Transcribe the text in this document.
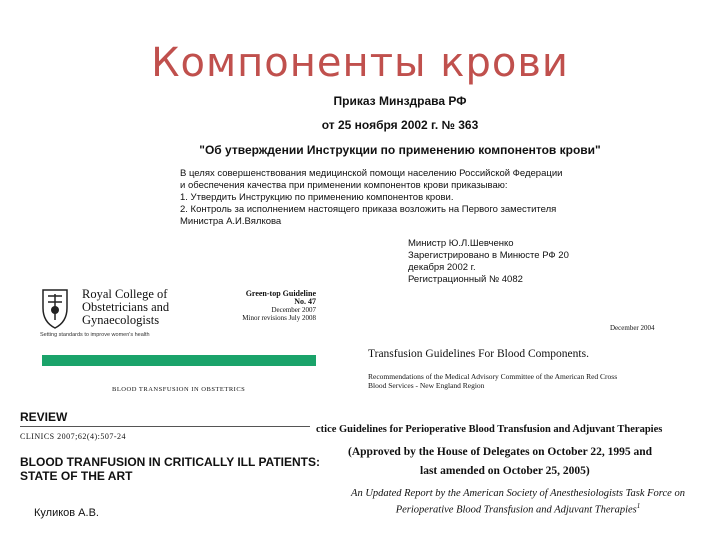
Компоненты крови
Приказ Минздрава РФ
от 25 ноября 2002 г. № 363
"Об утверждении Инструкции по применению компонентов крови"
В целях совершенствования медицинской помощи населению Российской Федерации
и обеспечения качества при применении компонентов крови приказываю:
1. Утвердить Инструкцию по применению компонентов крови.
2. Контроль за исполнением настоящего приказа возложить на Первого заместителя
Министра А.И.Вялкова
Министр Ю.Л.Шевченко
Зарегистрировано в Минюсте РФ 20
декабря 2002 г.
Регистрационный № 4082
Royal College of
Obstetricians and
Gynaecologists
Setting standards to improve women's health
Green-top Guideline
No. 47
December 2007
Minor revisions July 2008
BLOOD TRANSFUSION IN OBSTETRICS
December 2004
Transfusion Guidelines For Blood Components.
Recommendations of the Medical Advisory Committee of the American Red Cross
Blood Services - New England Region
REVIEW
CLINICS 2007;62(4):507-24
BLOOD TRANFUSION IN CRITICALLY ILL PATIENTS:
STATE OF THE ART
ctice Guidelines for Perioperative Blood Transfusion and Adjuvant Therapies
(Approved by the House of Delegates on October 22, 1995 and
last amended on October 25, 2005)
An Updated Report by the American Society of Anesthesiologists Task Force on
Perioperative Blood Transfusion and Adjuvant Therapies$^1$
Куликов А.В.
